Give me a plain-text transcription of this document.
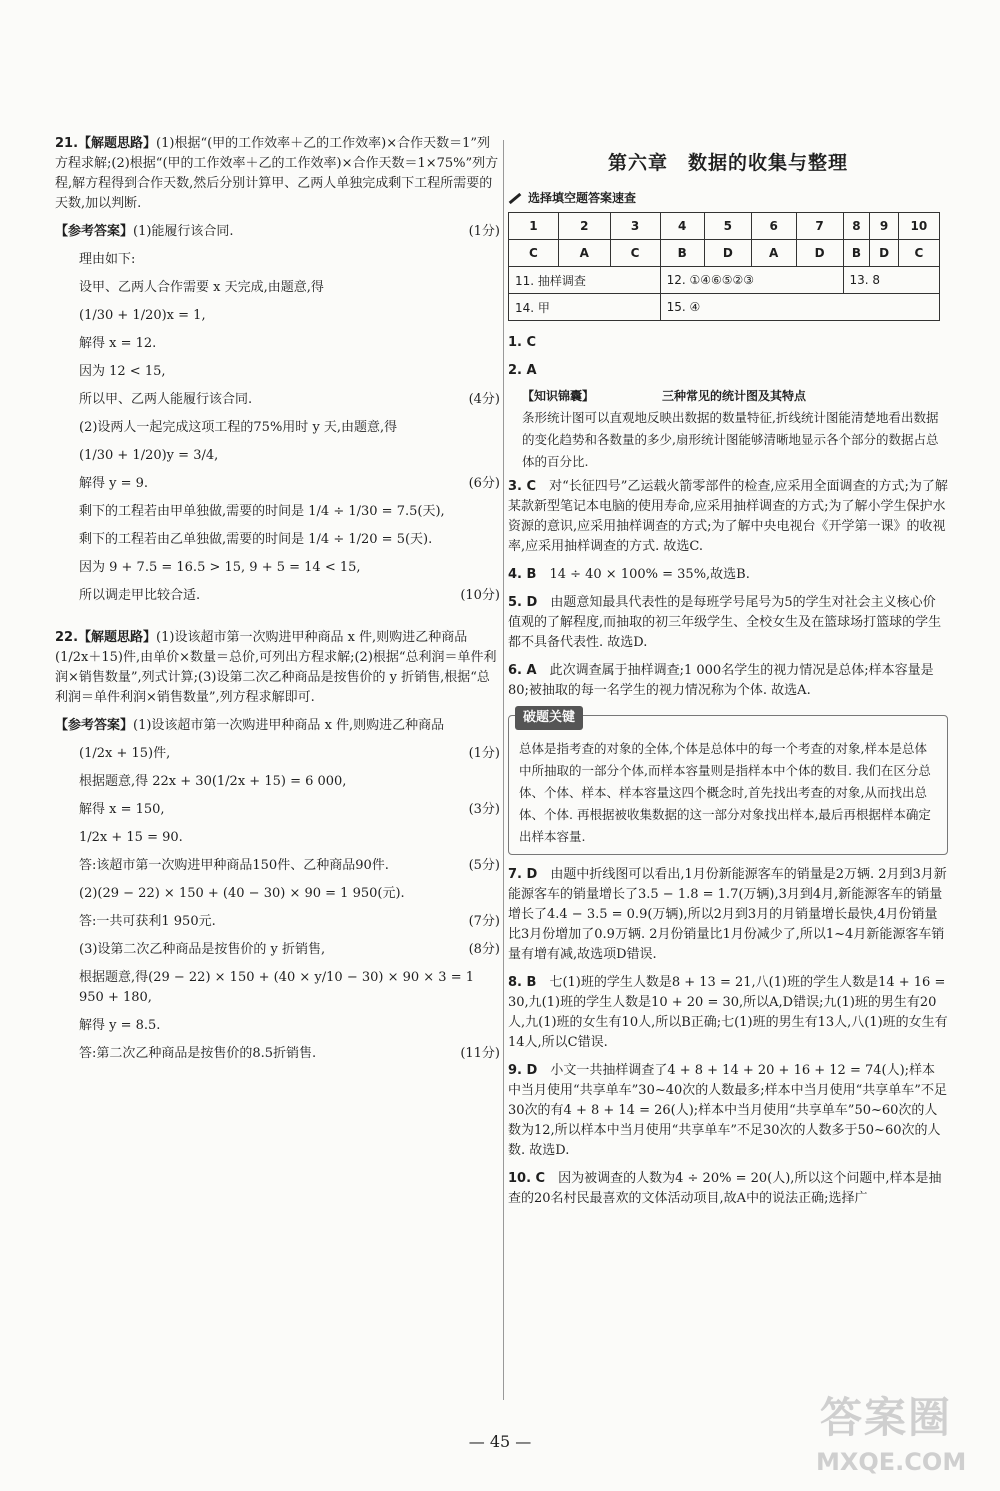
21.【解题思路】(1)根据“(甲的工作效率＋乙的工作效率)×合作天数＝1”列方程求解;(2)根据“(甲的工作效率＋乙的工作效率)×合作天数＝1×75%”列方程,解方程得到合作天数,然后分别计算甲、乙两人单独完成剩下工程所需要的天数,加以判断.
【参考答案】(1)能履行该合同.	(1分)
理由如下:
设甲、乙两人合作需要 x 天完成,由题意,得
(1/30 + 1/20)x = 1,
解得 x = 12.
因为 12 < 15,
所以甲、乙两人能履行该合同.	(4分)
(2)设两人一起完成这项工程的75%用时 y 天,由题意,得
(1/30 + 1/20)y = 3/4,
解得 y = 9.	(6分)
剩下的工程若由甲单独做,需要的时间是 1/4 ÷ 1/30 = 7.5(天),
剩下的工程若由乙单独做,需要的时间是 1/4 ÷ 1/20 = 5(天).
因为 9 + 7.5 = 16.5 > 15, 9 + 5 = 14 < 15,
所以调走甲比较合适.	(10分)
22.【解题思路】(1)设该超市第一次购进甲种商品 x 件,则购进乙种商品(1/2x＋15)件,由单价×数量＝总价,可列出方程求解;(2)根据“总利润＝单件利润×销售数量”,列式计算;(3)设第二次乙种商品是按售价的 y 折销售,根据“总利润＝单件利润×销售数量”,列方程求解即可.
【参考答案】(1)设该超市第一次购进甲种商品 x 件,则购进乙种商品
(1/2x + 15)件,	(1分)
根据题意,得 22x + 30(1/2x + 15) = 6 000,
解得 x = 150,	(3分)
1/2x + 15 = 90.
答:该超市第一次购进甲种商品150件、乙种商品90件.	(5分)
(2)(29 − 22) × 150 + (40 − 30) × 90 = 1 950(元).
答:一共可获利1 950元.	(7分)
(3)设第二次乙种商品是按售价的 y 折销售,	(8分)
根据题意,得(29 − 22) × 150 + (40 × y/10 − 30) × 90 × 3 = 1 950 + 180,
解得 y = 8.5.
答:第二次乙种商品是按售价的8.5折销售.	(11分)
第六章　数据的收集与整理
选择填空题答案速查
1	2	3	4	5	6	7	8	9	10
C	A	C	B	D	A	D	B	D	C
11. 抽样调查			12. ①④⑥⑤②③				13. 8		
14. 甲			15. ④						
1. C
2. A
【知识锦囊】	三种常见的统计图及其特点
条形统计图可以直观地反映出数据的数量特征,折线统计图能清楚地看出数据的变化趋势和各数量的多少,扇形统计图能够清晰地显示各个部分的数据占总体的百分比.
3. C　 对“长征四号”乙运载火箭零部件的检查,应采用全面调查的方式;为了解某款新型笔记本电脑的使用寿命,应采用抽样调查的方式;为了解小学生保护水资源的意识,应采用抽样调查的方式;为了解中央电视台《开学第一课》的收视率,应采用抽样调查的方式. 故选C.
4. B　 14 ÷ 40 × 100% = 35%,故选B.
5. D　 由题意知最具代表性的是每班学号尾号为5的学生对社会主义核心价值观的了解程度,而抽取的初三年级学生、全校女生及在篮球场打篮球的学生都不具备代表性. 故选D.
6. A　 此次调查属于抽样调查;1 000名学生的视力情况是总体;样本容量是80;被抽取的每一名学生的视力情况称为个体. 故选A.
破题关键
总体是指考查的对象的全体,个体是总体中的每一个考查的对象,样本是总体中所抽取的一部分个体,而样本容量则是指样本中个体的数目. 我们在区分总体、个体、样本、样本容量这四个概念时,首先找出考查的对象,从而找出总体、个体. 再根据被收集数据的这一部分对象找出样本,最后再根据样本确定出样本容量.
7. D　 由题中折线图可以看出,1月份新能源客车的销量是2万辆. 2月到3月新能源客车的销量增长了3.5 − 1.8 = 1.7(万辆),3月到4月,新能源客车的销量增长了4.4 − 3.5 = 0.9(万辆),所以2月到3月的月销量增长最快,4月份销量比3月份增加了0.9万辆. 2月份销量比1月份减少了,所以1~4月新能源客车销量有增有减,故选项D错误.
8. B　 七(1)班的学生人数是8 + 13 = 21,八(1)班的学生人数是14 + 16 = 30,九(1)班的学生人数是10 + 20 = 30,所以A,D错误;九(1)班的男生有20人,九(1)班的女生有10人,所以B正确;七(1)班的男生有13人,八(1)班的女生有14人,所以C错误.
9. D　 小文一共抽样调查了4 + 8 + 14 + 20 + 16 + 12 = 74(人);样本中当月使用“共享单车”30~40次的人数最多;样本中当月使用“共享单车”不足30次的有4 + 8 + 14 = 26(人);样本中当月使用“共享单车”50~60次的人数为12,所以样本中当月使用“共享单车”不足30次的人数多于50~60次的人数. 故选D.
10. C　 因为被调查的人数为4 ÷ 20% = 20(人),所以这个问题中,样本是抽查的20名村民最喜欢的文体活动项目,故A中的说法正确;选择广
— 45 —	答案圈
MXQE.COM
